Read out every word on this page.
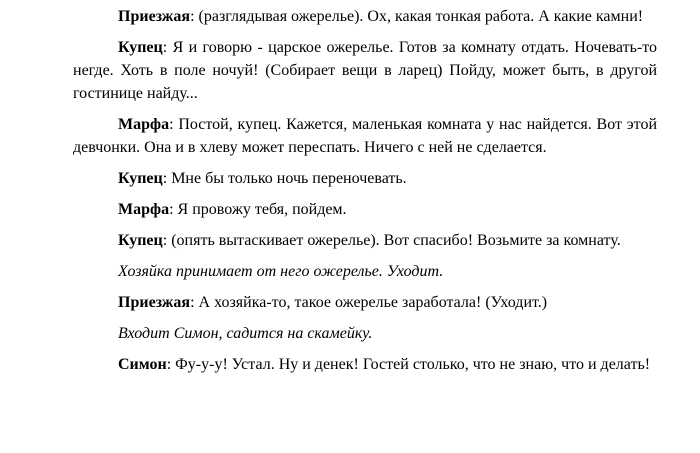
Приезжая: (разглядывая ожерелье). Ох, какая тонкая работа. А какие камни!

Купец: Я и говорю - царское ожерелье. Готов за комнату отдать. Ночевать-то негде. Хоть в поле ночуй! (Собирает вещи в ларец) Пойду, может быть, в другой гостинице найду...

Марфа: Постой, купец. Кажется, маленькая комната у нас найдется. Вот этой девчонки. Она и в хлеву может переспать. Ничего с ней не сделается.

Купец: Мне бы только ночь переночевать.

Марфа: Я провожу тебя, пойдем.

Купец: (опять вытаскивает ожерелье). Вот спасибо! Возьмите за комнату.

Хозяйка принимает от него ожерелье. Уходит.

Приезжая: А хозяйка-то, такое ожерелье заработала! (Уходит.)

Входит Симон, садится на скамейку.

Симон: Фу-у-у! Устал. Ну и денек! Гостей столько, что не знаю, что и делать!
